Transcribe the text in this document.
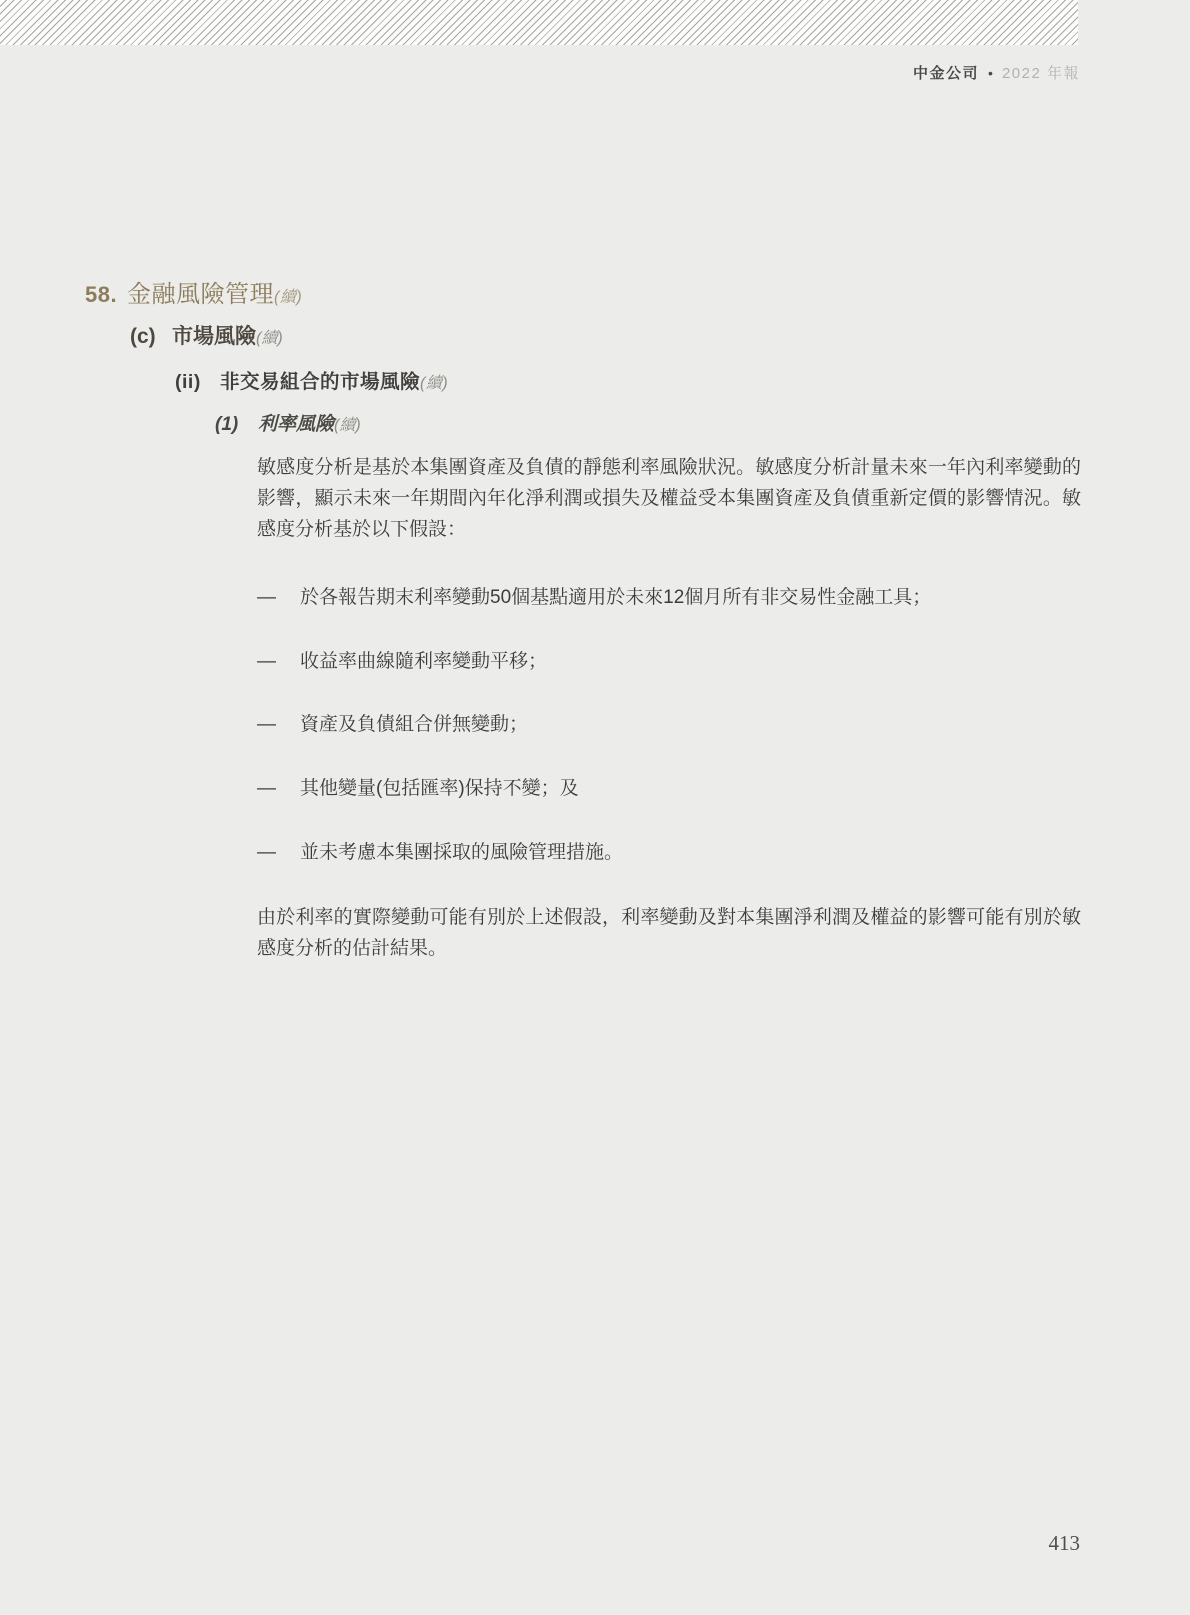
中金公司 • 2022 年報
58. 金融風險管理(續)
(c) 市場風險(續)
(ii) 非交易組合的市場風險(續)
(1) 利率風險(續)
敏感度分析是基於本集團資產及負債的靜態利率風險狀況。敏感度分析計量未來一年內利率變動的影響，顯示未來一年期間內年化淨利潤或損失及權益受本集團資產及負債重新定價的影響情況。敏感度分析基於以下假設：
—	於各報告期末利率變動50個基點適用於未來12個月所有非交易性金融工具；
—	收益率曲線隨利率變動平移；
—	資產及負債組合併無變動；
—	其他變量(包括匯率)保持不變；及
—	並未考慮本集團採取的風險管理措施。
由於利率的實際變動可能有別於上述假設，利率變動及對本集團淨利潤及權益的影響可能有別於敏感度分析的估計結果。
413
